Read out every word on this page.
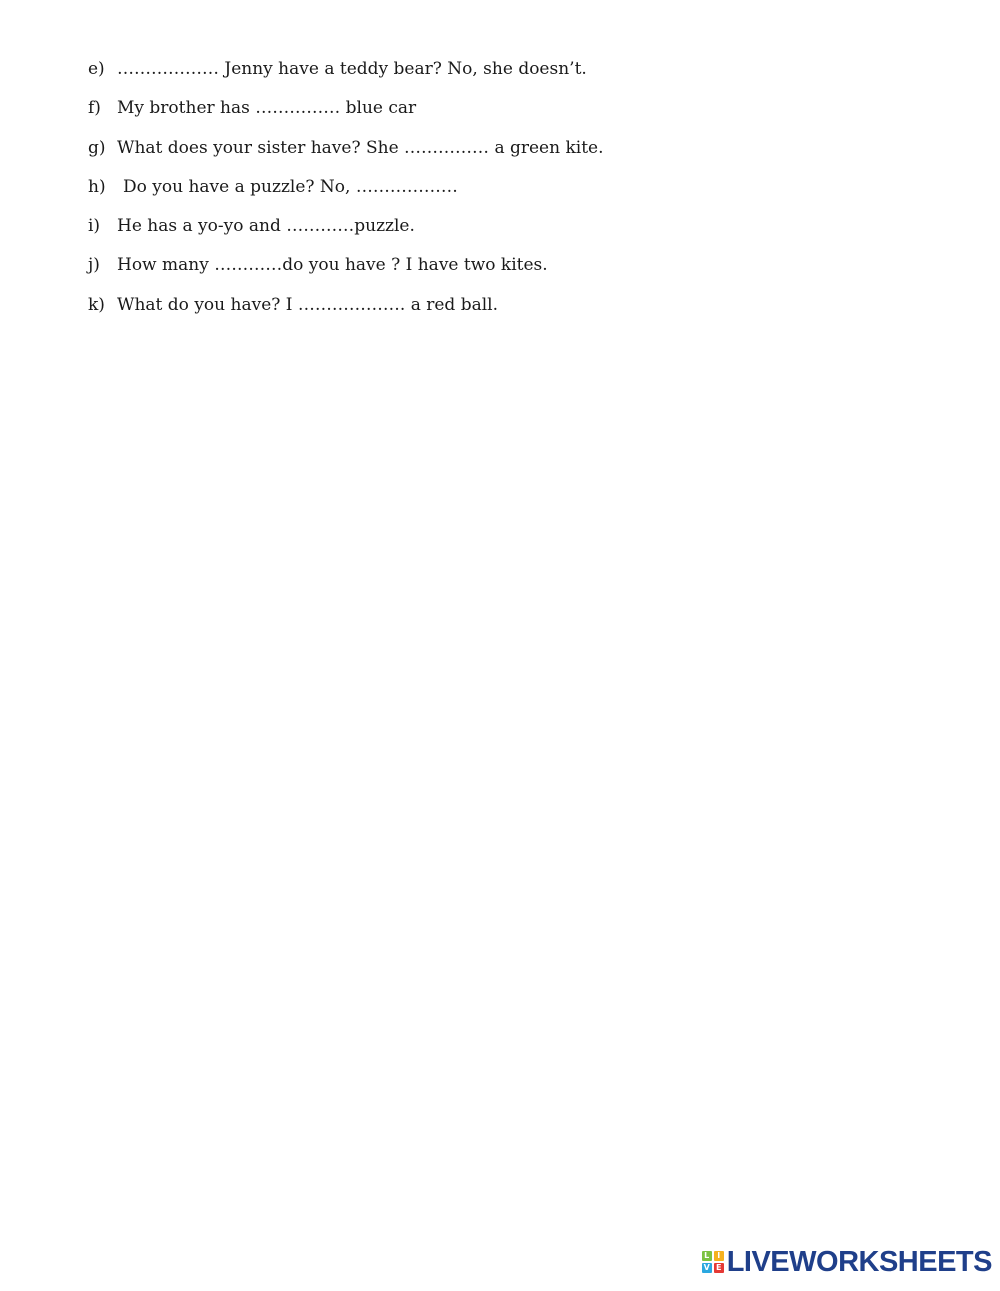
e) ……………… Jenny have a teddy bear? No, she doesn’t.
f) My brother has …………… blue car
g) What does your sister have? She …………… a green kite.
h)	Do you have a puzzle? No, ………………
i) He has a yo-yo and …………puzzle.
j)	How many …………do you have ? I have two kites.
k) What do you have? I ………………. a red ball.
L I
V E LIVEWORKSHEETS
